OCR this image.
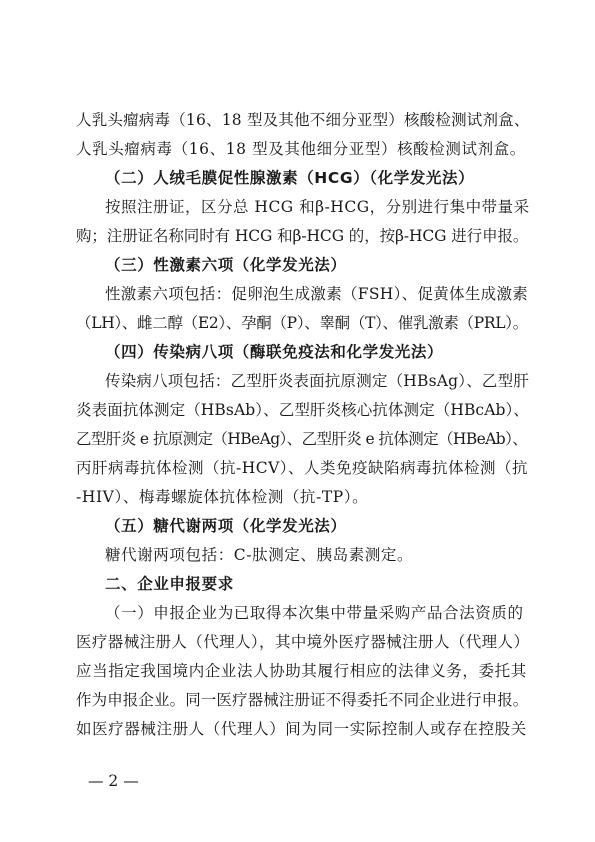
人乳头瘤病毒（16、18 型及其他不细分亚型）核酸检测试剂盒、
人乳头瘤病毒（16、18 型及其他细分亚型）核酸检测试剂盒。
（二）人绒毛膜促性腺激素（HCG）（化学发光法）
按照注册证，区分总 HCG 和β-HCG，分别进行集中带量采
购；注册证名称同时有 HCG 和β-HCG 的，按β-HCG 进行申报。
（三）性激素六项（化学发光法）
性激素六项包括：促卵泡生成激素（FSH）、促黄体生成激素
（LH）、雌二醇（E2）、孕酮（P）、睾酮（T）、催乳激素（PRL）。
（四）传染病八项（酶联免疫法和化学发光法）
传染病八项包括：乙型肝炎表面抗原测定（HBsAg）、乙型肝
炎表面抗体测定（HBsAb）、乙型肝炎核心抗体测定（HBcAb）、
乙型肝炎 e 抗原测定（HBeAg）、乙型肝炎 e 抗体测定（HBeAb）、
丙肝病毒抗体检测（抗-HCV）、人类免疫缺陷病毒抗体检测（抗
-HIV）、梅毒螺旋体抗体检测（抗-TP）。
（五）糖代谢两项（化学发光法）
糖代谢两项包括：C-肽测定、胰岛素测定。
二、企业申报要求
（一）申报企业为已取得本次集中带量采购产品合法资质的
医疗器械注册人（代理人），其中境外医疗器械注册人（代理人）
应当指定我国境内企业法人协助其履行相应的法律义务，委托其
作为申报企业。同一医疗器械注册证不得委托不同企业进行申报。
如医疗器械注册人（代理人）间为同一实际控制人或存在控股关
— 2 —
